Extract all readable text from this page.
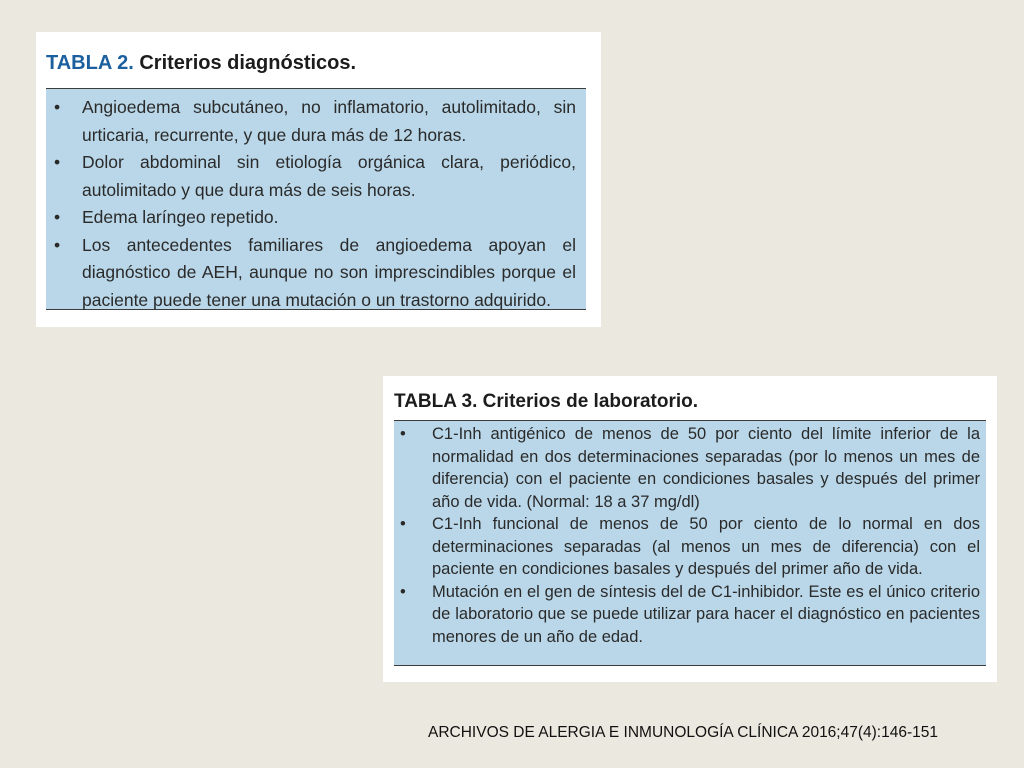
TABLA 2. Criterios diagnósticos.
• Angioedema subcutáneo, no inflamatorio, autolimitado, sin urticaria, recurrente, y que dura más de 12 horas.
• Dolor abdominal sin etiología orgánica clara, periódico, autolimitado y que dura más de seis horas.
• Edema laríngeo repetido.
• Los antecedentes familiares de angioedema apoyan el diagnóstico de AEH, aunque no son imprescindibles porque el paciente puede tener una mutación o un trastorno adquirido.
TABLA 3. Criterios de laboratorio.
• C1-Inh antigénico de menos de 50 por ciento del límite inferior de la normalidad en dos determinaciones separadas (por lo menos un mes de diferencia) con el paciente en condiciones basales y después del primer año de vida. (Normal: 18 a 37 mg/dl)
• C1-Inh funcional de menos de 50 por ciento de lo normal en dos determinaciones separadas (al menos un mes de diferencia) con el paciente en condiciones basales y después del primer año de vida.
• Mutación en el gen de síntesis del de C1-inhibidor. Este es el único criterio de laboratorio que se puede utilizar para hacer el diagnóstico en pacientes menores de un año de edad.
ARCHIVOS DE ALERGIA E INMUNOLOGÍA CLÍNICA 2016;47(4):146-151
